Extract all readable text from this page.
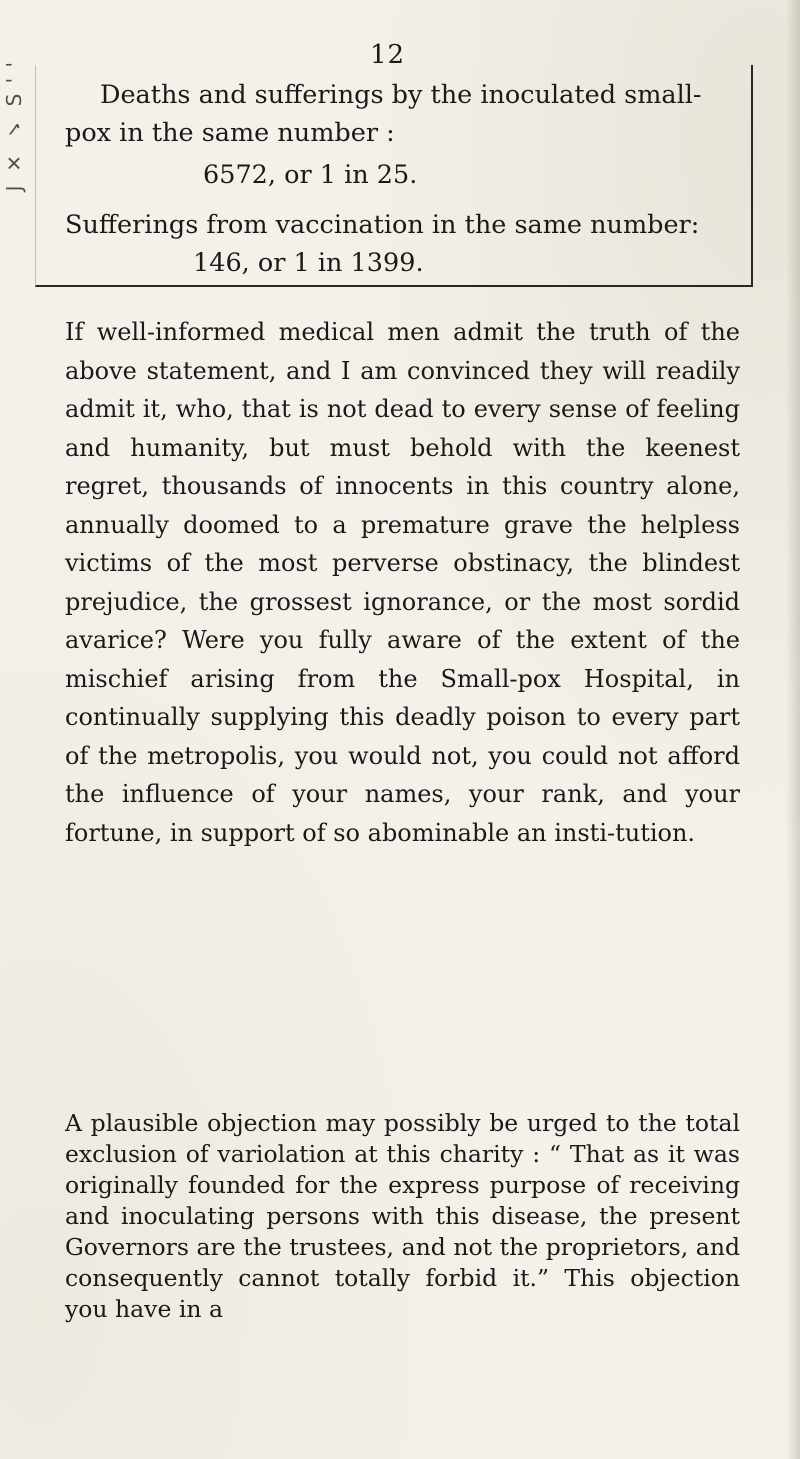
J ✕ ✓ S ' '
12
Deaths and sufferings by the inoculated small-
pox in the same number :
6572, or 1 in 25.
Sufferings from vaccination in the same number:
146, or 1 in 1399.

If well-informed medical men admit the truth of the above statement, and I am convinced they will readily admit it, who, that is not dead to every sense of feeling and humanity, but must behold with the keenest regret, thousands of innocents in this country alone, annually doomed to a premature grave the helpless victims of the most perverse obstinacy, the blindest prejudice, the grossest ignorance, or the most sordid avarice? Were you fully aware of the extent of the mischief arising from the Small-pox Hospital, in continually supplying this deadly poison to every part of the metropolis, you would not, you could not afford the influence of your names, your rank, and your fortune, in support of so abominable an insti-tution.

A plausible objection may possibly be urged to the total exclusion of variolation at this charity : “ That as it was originally founded for the express purpose of receiving and inoculating persons with this disease, the present Governors are the trustees, and not the proprietors, and consequently cannot totally forbid it.” This objection you have in a
